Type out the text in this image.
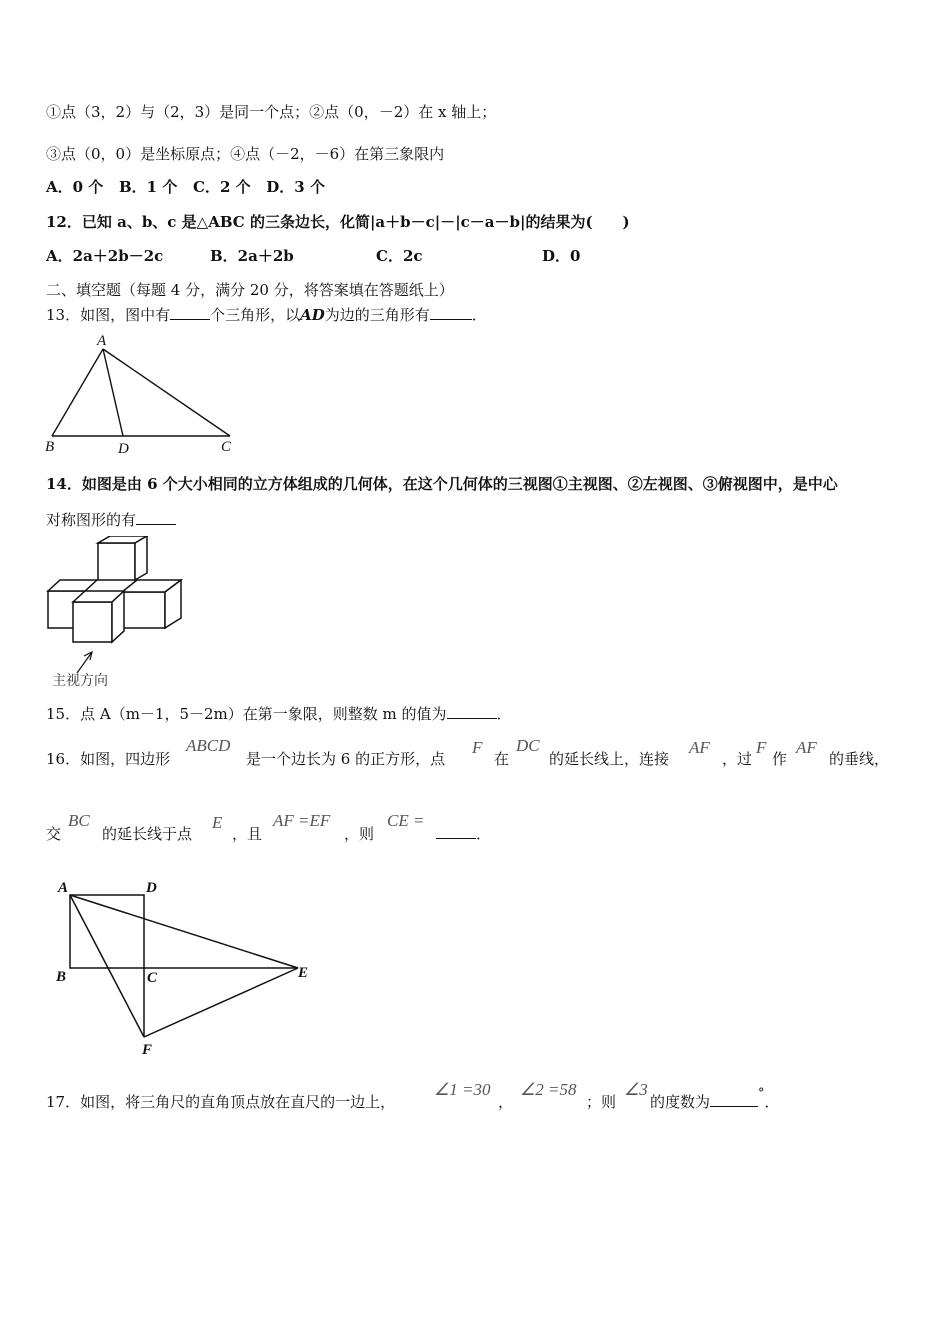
①点（3，2）与（2，3）是同一个点；②点（0，－2）在 x 轴上；
③点（0，0）是坐标原点；④点（－2，－6）在第三象限内
A．0 个 B．1 个 C．2 个 D．3 个
12．已知 a、b、c 是△ABC 的三条边长，化简|a＋b－c|－|c－a－b|的结果为(　　)
A．2a＋2b－2c	B．2a＋2b	C．2c	D．0
二、填空题（每题 4 分，满分 20 分，将答案填在答题纸上）
13．如图，图中有	个三角形，以AD为边的三角形有	．
A
B	D	C
14．如图是由 6 个大小相同的立方体组成的几何体，在这个几何体的三视图①主视图、②左视图、③俯视图中，是中心
对称图形的有
主视方向
15．点 A（m－1，5－2m）在第一象限，则整数 m 的值为	．
16．如图，四边形
ABCD
是一个边长为 6 的正方形，点
F
在
DC
的延长线上，连接
AF
，过
F
作
AF
的垂线，
交
BC
的延长线于点
E
，且
AF =EF
，则
CE =
．
A	D
B	C	E
F
17．如图，将三角尺的直角顶点放在直尺的一边上，
∠1 =30
，
∠2 =58
；则
∠3
的度数为	°．
